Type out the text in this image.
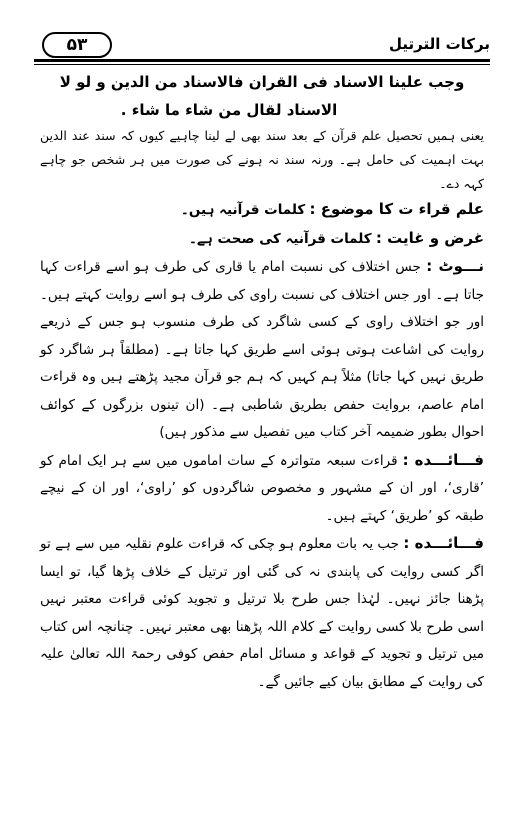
۵۳	برکات الترتیل

وجب علینا الاسناد فی القران فالاسناد من الدین و لو لا
الاسناد لقال من شاء ما شاء .

یعنی ہمیں تحصیل علم قرآن کے بعد سند بھی لے لینا چاہیے کیوں کہ سند عند الدین بہت اہمیت کی حامل ہے۔ ورنہ سند نہ ہونے کی صورت میں ہر شخص جو چاہے کہہ دے۔

علم قراء ت کا موضوع : کلمات قرآنیہ ہیں۔

غرض و غایت : کلمات قرآنیہ کی صحت ہے۔

نـــوٹ : جس اختلاف کی نسبت امام یا قاری کی طرف ہو اسے قراءت کہا جاتا ہے۔ اور جس اختلاف کی نسبت راوی کی طرف ہو اسے روایت کہتے ہیں۔ اور جو اختلاف راوی کے کسی شاگرد کی طرف منسوب ہو جس کے ذریعے روایت کی اشاعت ہوتی ہوئی اسے طریق کہا جاتا ہے۔ (مطلقاً ہر شاگرد کو طریق نہیں کہا جاتا) مثلاً ہم کہیں کہ ہم جو قرآن مجید پڑھتے ہیں وہ قراءت امام عاصم، بروایت حفص بطریق شاطبی ہے۔ (ان تینوں بزرگوں کے کوائف احوال بطور ضمیمہ آخر کتاب میں تفصیل سے مذکور ہیں)

فـــائـــده : قراءت سبعہ متواترہ کے سات اماموں میں سے ہر ایک امام کو ’قاری‘، اور ان کے مشہور و مخصوص شاگردوں کو ’راوی‘، اور ان کے نیچے طبقہ کو ’طریق‘ کہتے ہیں۔

فـــائـــده : جب یہ بات معلوم ہو چکی کہ قراءت علوم نقلیہ میں سے ہے تو اگر کسی روایت کی پابندی نہ کی گئی اور ترتیل کے خلاف پڑھا گیا، تو ایسا پڑھنا جائز نہیں۔ لہٰذا جس طرح بلا ترتیل و تجوید کوئی قراءت معتبر نہیں اسی طرح بلا کسی روایت کے کلام اللہ پڑھنا بھی معتبر نہیں۔ چنانچہ اس کتاب میں ترتیل و تجوید کے قواعد و مسائل امام حفص کوفی رحمۃ اللہ تعالیٰ علیہ کی روایت کے مطابق بیان کیے جائیں گے۔
